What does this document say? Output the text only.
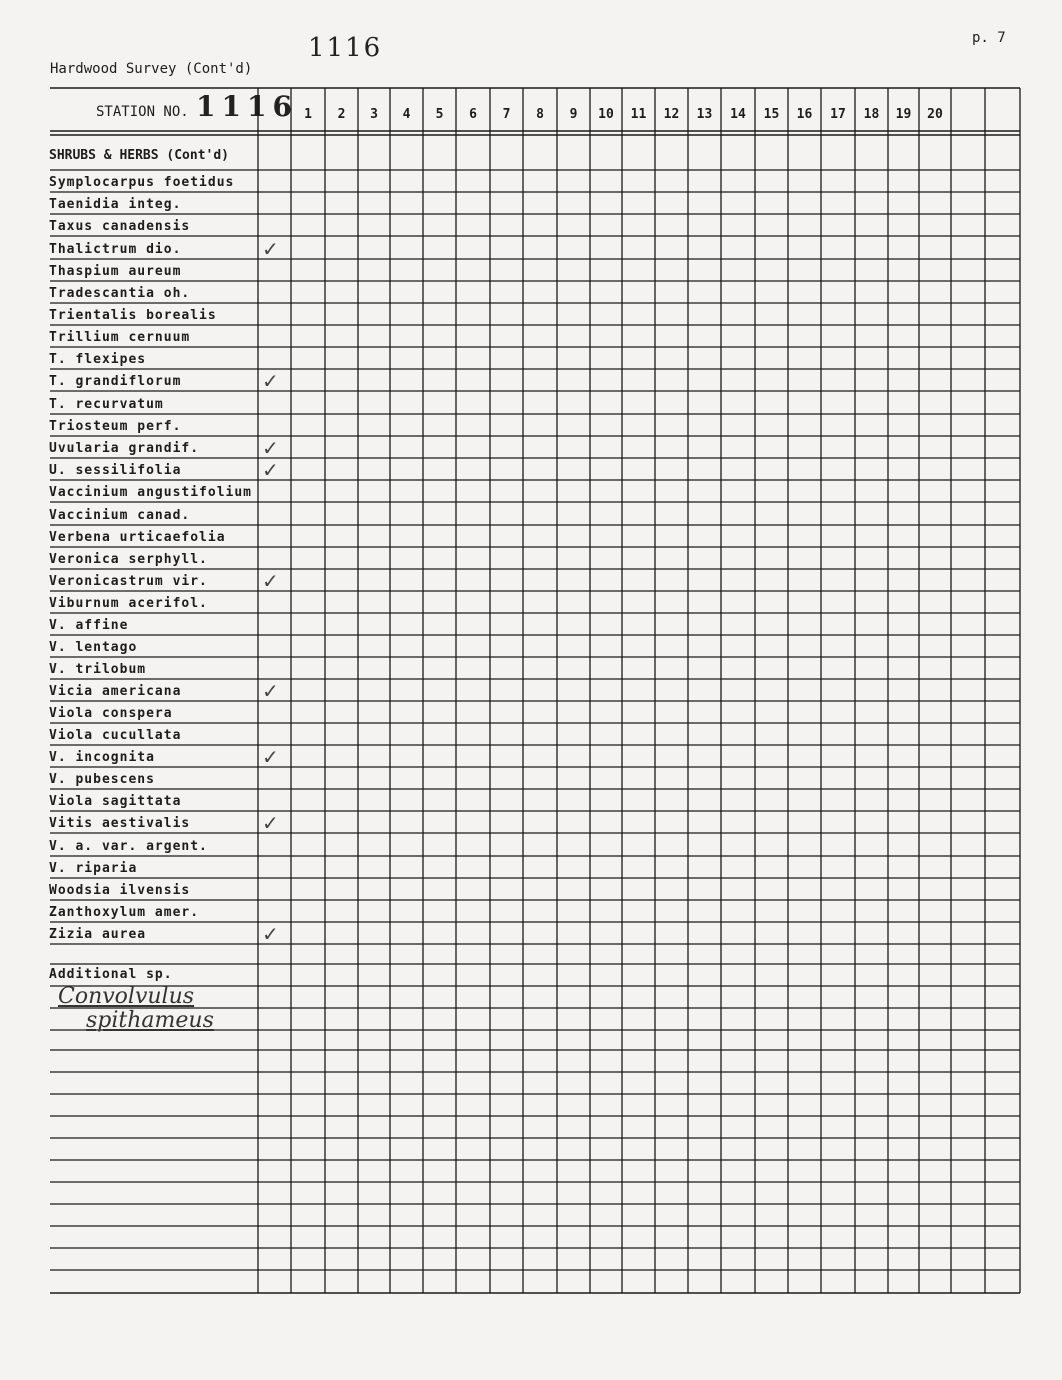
p. 7
1116
Hardwood Survey (Cont'd)
STATION NO. 1116 1	2	3	4	5	6	7	8	9	10	11	12	13	14	15	16	17	18	19	20
SHRUBS & HERBS (Cont'd)
Symplocarpus foetidus
Taenidia integ.
Taxus canadensis
Thalictrum dio.	✓
Thaspium aureum
Tradescantia oh.
Trientalis borealis
Trillium cernuum
T. flexipes
T. grandiflorum	✓
T. recurvatum
Triosteum perf.
Uvularia grandif.	✓
U. sessilifolia	✓
Vaccinium angustifolium
Vaccinium canad.
Verbena urticaefolia
Veronica serphyll.
Veronicastrum vir.	✓
Viburnum acerifol.
V. affine
V. lentago
V. trilobum
Vicia americana	✓
Viola conspera
Viola cucullata
V. incognita	✓
V. pubescens
Viola sagittata
Vitis aestivalis	✓
V. a. var. argent.
V. riparia
Woodsia ilvensis
Zanthoxylum amer.
Zizia aurea	✓
Additional sp.
Convolvulus
spithameus
